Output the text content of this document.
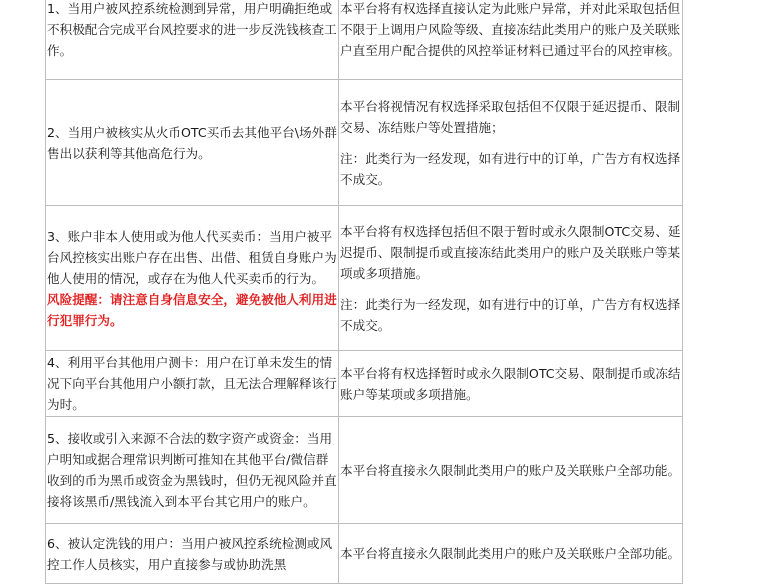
1、当用户被风控系统检测到异常，用户明确拒绝或不积极配合完成平台风控要求的进一步反洗钱核查工作。	本平台将有权选择直接认定为此账户异常，并对此采取包括但不限于上调用户风险等级、直接冻结此类用户的账户及关联账户直至用户配合提供的风控举证材料已通过平台的风控审核。

2、当用户被核实从火币OTC买币去其他平台\场外群售出以获利等其他高危行为。	本平台将视情况有权选择采取包括但不仅限于延迟提币、限制交易、冻结账户等处置措施；
注：此类行为一经发现，如有进行中的订单，广告方有权选择不成交。

3、账户非本人使用或为他人代买卖币：当用户被平台风控核实出账户存在出售、出借、租赁自身账户为他人使用的情况，或存在为他人代买卖币的行为。
风险提醒：请注意自身信息安全，避免被他人利用进行犯罪行为。	本平台将有权选择包括但不限于暂时或永久限制OTC交易、延迟提币、限制提币或直接冻结此类用户的账户及关联账户等某项或多项措施。
注：此类行为一经发现，如有进行中的订单，广告方有权选择不成交。

4、利用平台其他用户测卡：用户在订单未发生的情况下向平台其他用户小额打款，且无法合理解释该行为时。	本平台将有权选择暂时或永久限制OTC交易、限制提币或冻结账户等某项或多项措施。

5、接收或引入来源不合法的数字资产或资金：当用户明知或据合理常识判断可推知在其他平台/微信群收到的币为黑币或资金为黑钱时，但仍无视风险并直接将该黑币/黑钱流入到本平台其它用户的账户。	本平台将直接永久限制此类用户的账户及关联账户全部功能。

6、被认定洗钱的用户：当用户被风控系统检测或风控工作人员核实，用户直接参与或协助洗黑	本平台将直接永久限制此类用户的账户及关联账户全部功能。
